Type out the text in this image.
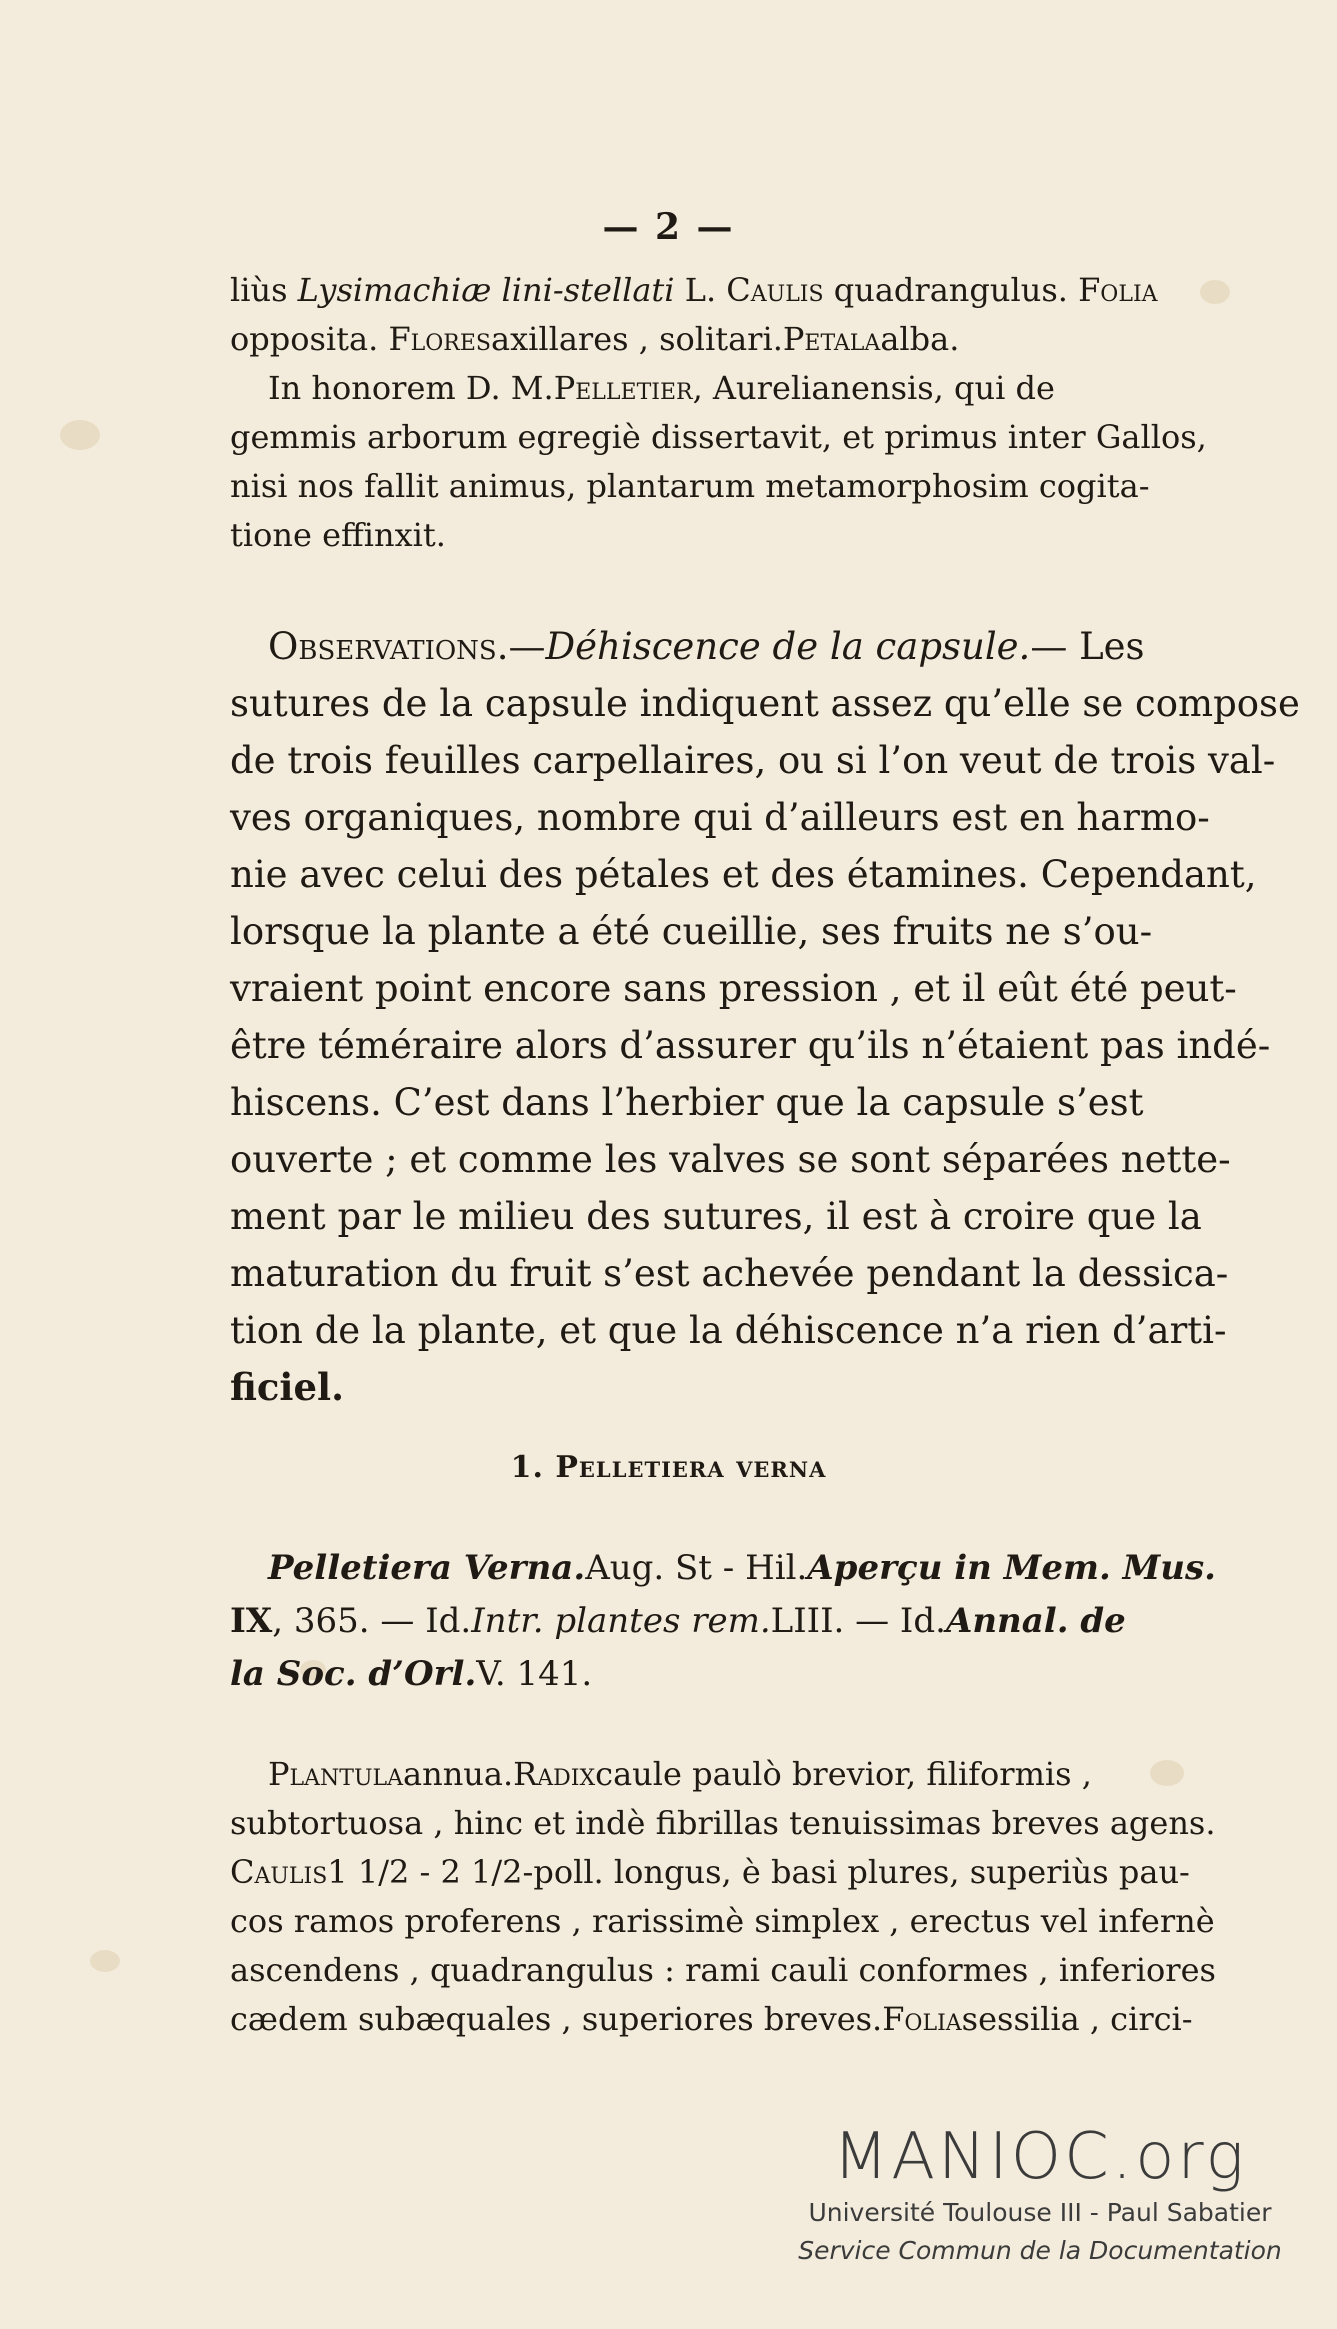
— 2 —
liùs Lysimachiæ lini-stellati L. Caulis quadrangulus. Folia
opposita.
Flores axillares , solitari. Petala alba.
In honorem D. M. Pelletier , Aurelianensis, qui de
gemmis arborum egregiè dissertavit, et primus inter Gallos,
nisi nos fallit animus, plantarum metamorphosim cogita-
tione effinxit.
Observations. — Déhiscence de la capsule. — Les
sutures de la capsule indiquent assez qu’elle se compose
de trois feuilles carpellaires, ou si l’on veut de trois val-
ves organiques, nombre qui d’ailleurs est en harmo-
nie avec celui des pétales et des étamines. Cependant,
lorsque la plante a été cueillie, ses fruits ne s’ou-
vraient point encore sans pression , et il eût été peut-
être téméraire alors d’assurer qu’ils n’étaient pas indé-
hiscens. C’est dans l’herbier que la capsule s’est
ouverte ; et comme les valves se sont séparées nette-
ment par le milieu des sutures, il est à croire que la
maturation du fruit s’est achevée pendant la dessica-
tion de la plante, et que la déhiscence n’a rien d’arti-
ficiel.
1. Pelletiera verna
Pelletiera Verna. Aug. St - Hil. Aperçu in Mem. Mus.
IX , 365. — Id. Intr. plantes rem. LIII. — Id. Annal. de
la Soc. d’Orl. V. 141.
Plantula annua. Radix caule paulò brevior, filiformis ,
subtortuosa , hinc et indè fibrillas tenuissimas breves agens.
Caulis 1 1/2 - 2 1/2-poll. longus, è basi plures, superiùs pau-
cos ramos proferens , rarissimè simplex , erectus vel infernè
ascendens , quadrangulus : rami cauli conformes , inferiores
cædem subæquales , superiores breves. Folia sessilia , circi-
MANIOC.org
Université Toulouse III - Paul Sabatier
Service Commun de la Documentation
